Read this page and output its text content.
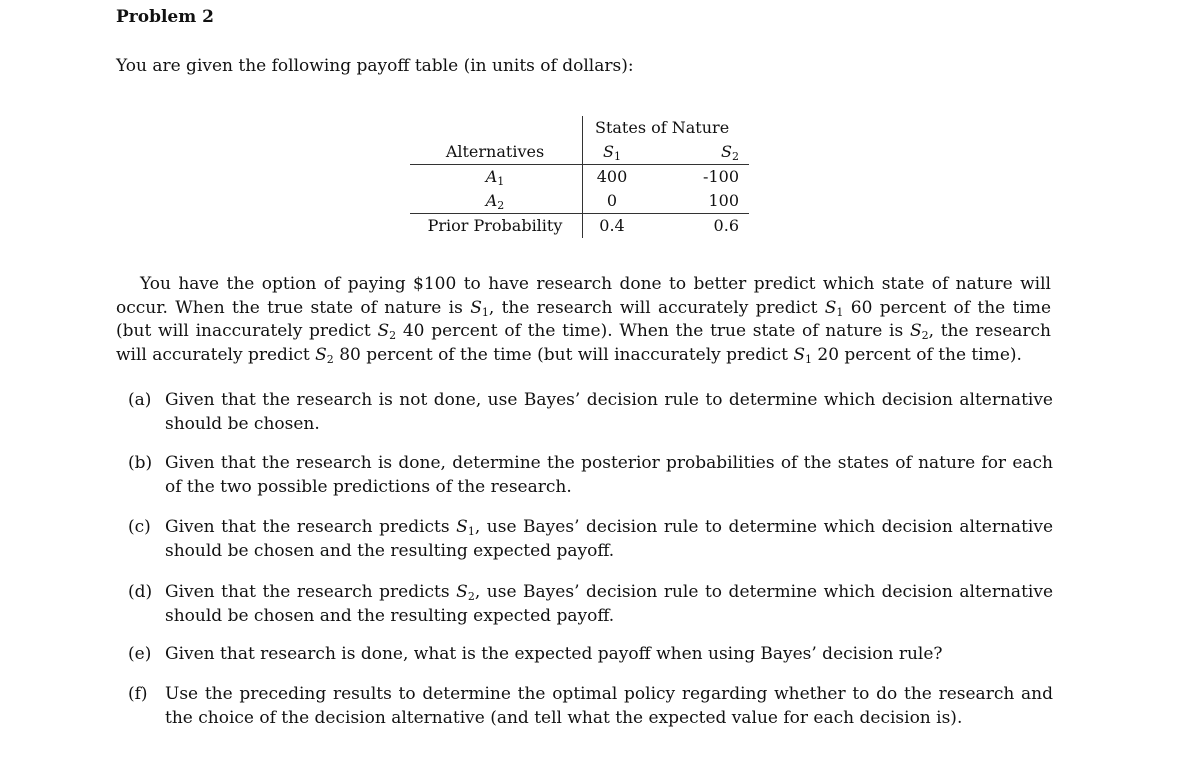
Problem 2
You are given the following payoff table (in units of dollars):
	States of Nature	
Alternatives	$S_1$	$S_2$
$A_1$	400	-100
$A_2$	0	100
Prior Probability	0.4	0.6
You have the option of paying $100 to have research done to better predict which state of nature will occur. When the true state of nature is $S_1$, the research will accurately predict $S_1$ 60 percent of the time (but will inaccurately predict $S_2$ 40 percent of the time). When the true state of nature is $S_2$, the research will accurately predict $S_2$ 80 percent of the time (but will inaccurately predict $S_1$ 20 percent of the time).
(a) Given that the research is not done, use Bayes’ decision rule to determine which decision alternative should be chosen.
(b) Given that the research is done, determine the posterior probabilities of the states of nature for each of the two possible predictions of the research.
(c) Given that the research predicts $S_1$, use Bayes’ decision rule to determine which decision alternative should be chosen and the resulting expected payoff.
(d) Given that the research predicts $S_2$, use Bayes’ decision rule to determine which decision alternative should be chosen and the resulting expected payoff.
(e) Given that research is done, what is the expected payoff when using Bayes’ decision rule?
(f) Use the preceding results to determine the optimal policy regarding whether to do the research and the choice of the decision alternative (and tell what the expected value for each decision is).
